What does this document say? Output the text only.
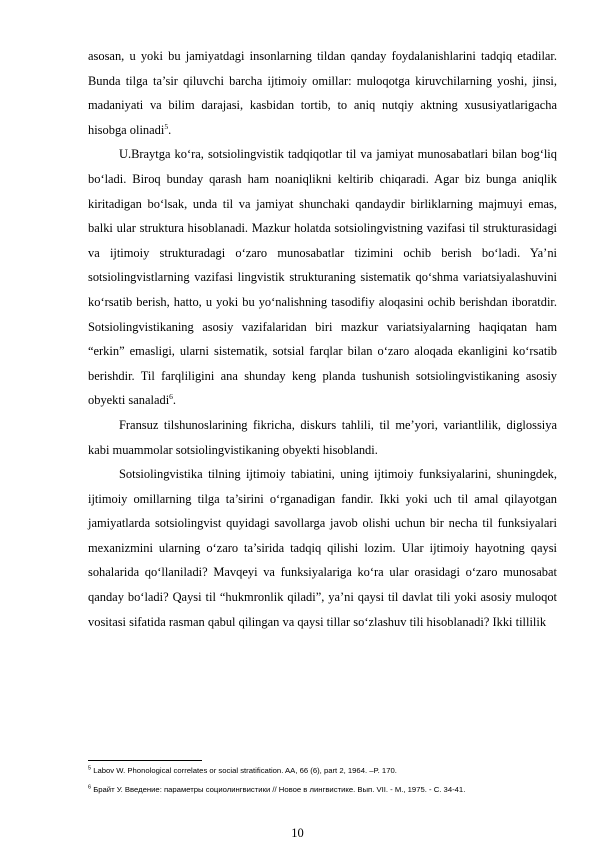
asosan, u yoki bu jamiyatdagi insonlarning tildan qanday foydalanishlarini tadqiq etadilar. Bunda tilga ta’sir qiluvchi barcha ijtimoiy omillar: muloqotga kiruvchilarning yoshi, jinsi, madaniyati va bilim darajasi, kasbidan tortib, to aniq nutqiy aktning xususiyatlarigacha hisobga olinadi$^5$.

U.Braytga ko‘ra, sotsiolingvistik tadqiqotlar til va jamiyat munosabatlari bilan bog‘liq bo‘ladi. Biroq bunday qarash ham noaniqlikni keltirib chiqaradi. Agar biz bunga aniqlik kiritadigan bo‘lsak, unda til va jamiyat shunchaki qandaydir birliklarning majmuyi emas, balki ular struktura hisoblanadi. Mazkur holatda sotsiolingvistning vazifasi til strukturasidagi va ijtimoiy strukturadagi o‘zaro munosabatlar tizimini ochib berish bo‘ladi. Ya’ni sotsiolingvistlarning vazifasi lingvistik strukturaning sistematik qo‘shma variatsiyalashuvini ko‘rsatib berish, hatto, u yoki bu yo‘nalishning tasodifiy aloqasini ochib berishdan iboratdir. Sotsiolingvistikaning asosiy vazifalaridan biri mazkur variatsiyalarning haqiqatan ham “erkin” emasligi, ularni sistematik, sotsial farqlar bilan o‘zaro aloqada ekanligini ko‘rsatib berishdir. Til farqliligini ana shunday keng planda tushunish sotsiolingvistikaning asosiy obyekti sanaladi$^6$.

Fransuz tilshunoslarining fikricha, diskurs tahlili, til me’yori, variantlilik, diglossiya kabi muammolar sotsiolingvistikaning obyekti hisoblandi.

Sotsiolingvistika tilning ijtimoiy tabiatini, uning ijtimoiy funksiyalarini, shuningdek, ijtimoiy omillarning tilga ta’sirini o‘rganadigan fandir. Ikki yoki uch til amal qilayotgan jamiyatlarda sotsiolingvist quyidagi savollarga javob olishi uchun bir necha til funksiyalari mexanizmini ularning o‘zaro ta’sirida tadqiq qilishi lozim. Ular ijtimoiy hayotning qaysi sohalarida qo‘llaniladi? Mavqeyi va funksiyalariga ko‘ra ular orasidagi o‘zaro munosabat qanday bo‘ladi? Qaysi til “hukmronlik qiladi”, ya’ni qaysi til davlat tili yoki asosiy muloqot vositasi sifatida rasman qabul qilingan va qaysi tillar so‘zlashuv tili hisoblanadi? Ikki tillilik

$^5$ Labov W. Phonological correlates or social stratification. AA, 66 (6), part 2, 1964. –P. 170.

$^6$ Брайт У. Введение: параметры социолингвистики // Новое в лингвистике. Вып. VII. - М., 1975. - С. 34-41.

10
